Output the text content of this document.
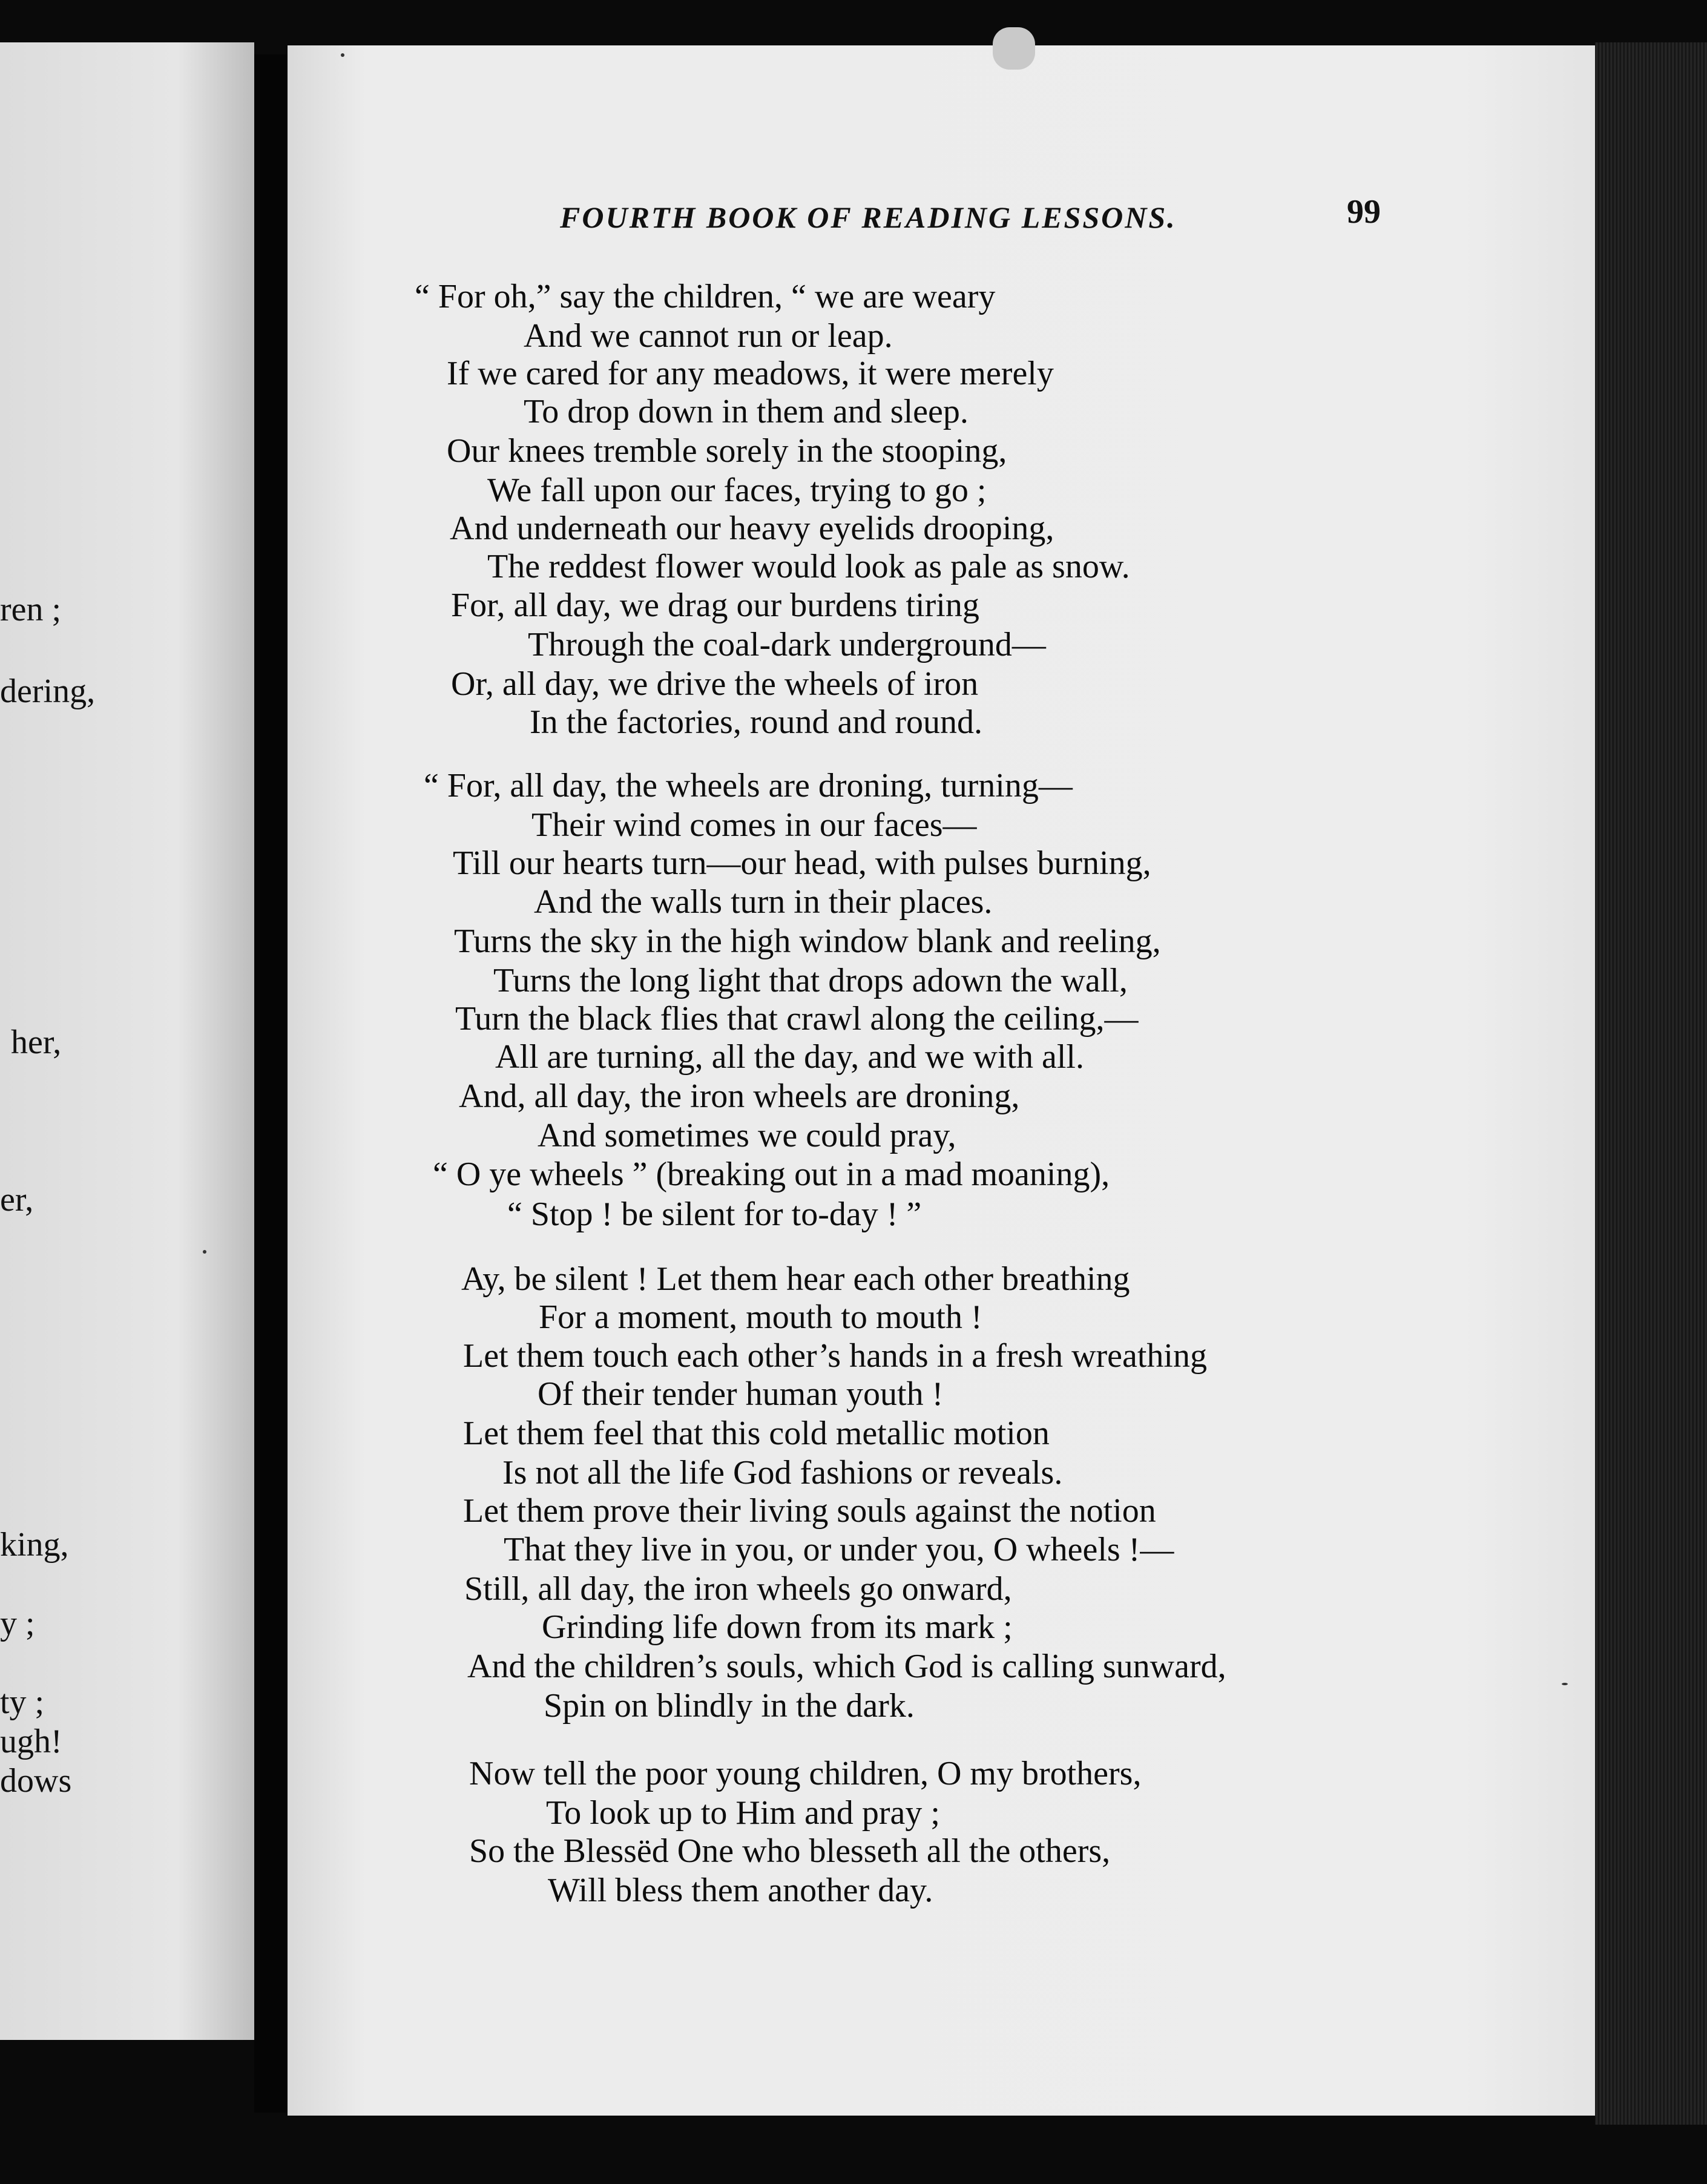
ren ;
dering,
her,
er,
king,
y ;
ty ;
ugh!
dows
FOURTH BOOK OF READING LESSONS.	99
“ For oh,” say the children, “ we are weary
And we cannot run or leap.
If we cared for any meadows, it were merely
To drop down in them and sleep.
Our knees tremble sorely in the stooping,
We fall upon our faces, trying to go ;
And underneath our heavy eyelids drooping,
The reddest flower would look as pale as snow.
For, all day, we drag our burdens tiring
Through the coal-dark underground—
Or, all day, we drive the wheels of iron
In the factories, round and round.
“ For, all day, the wheels are droning, turning—
Their wind comes in our faces—
Till our hearts turn—our head, with pulses burning,
And the walls turn in their places.
Turns the sky in the high window blank and reeling,
Turns the long light that drops adown the wall,
Turn the black flies that crawl along the ceiling,—
All are turning, all the day, and we with all.
And, all day, the iron wheels are droning,
And sometimes we could pray,
“ O ye wheels ” (breaking out in a mad moaning),
“ Stop ! be silent for to-day ! ”
Ay, be silent ! Let them hear each other breathing
For a moment, mouth to mouth !
Let them touch each other’s hands in a fresh wreathing
Of their tender human youth !
Let them feel that this cold metallic motion
Is not all the life God fashions or reveals.
Let them prove their living souls against the notion
That they live in you, or under you, O wheels !—
Still, all day, the iron wheels go onward,
Grinding life down from its mark ;
And the children’s souls, which God is calling sunward,
Spin on blindly in the dark.
Now tell the poor young children, O my brothers,
To look up to Him and pray ;
So the Blessëd One who blesseth all the others,
Will bless them another day.
